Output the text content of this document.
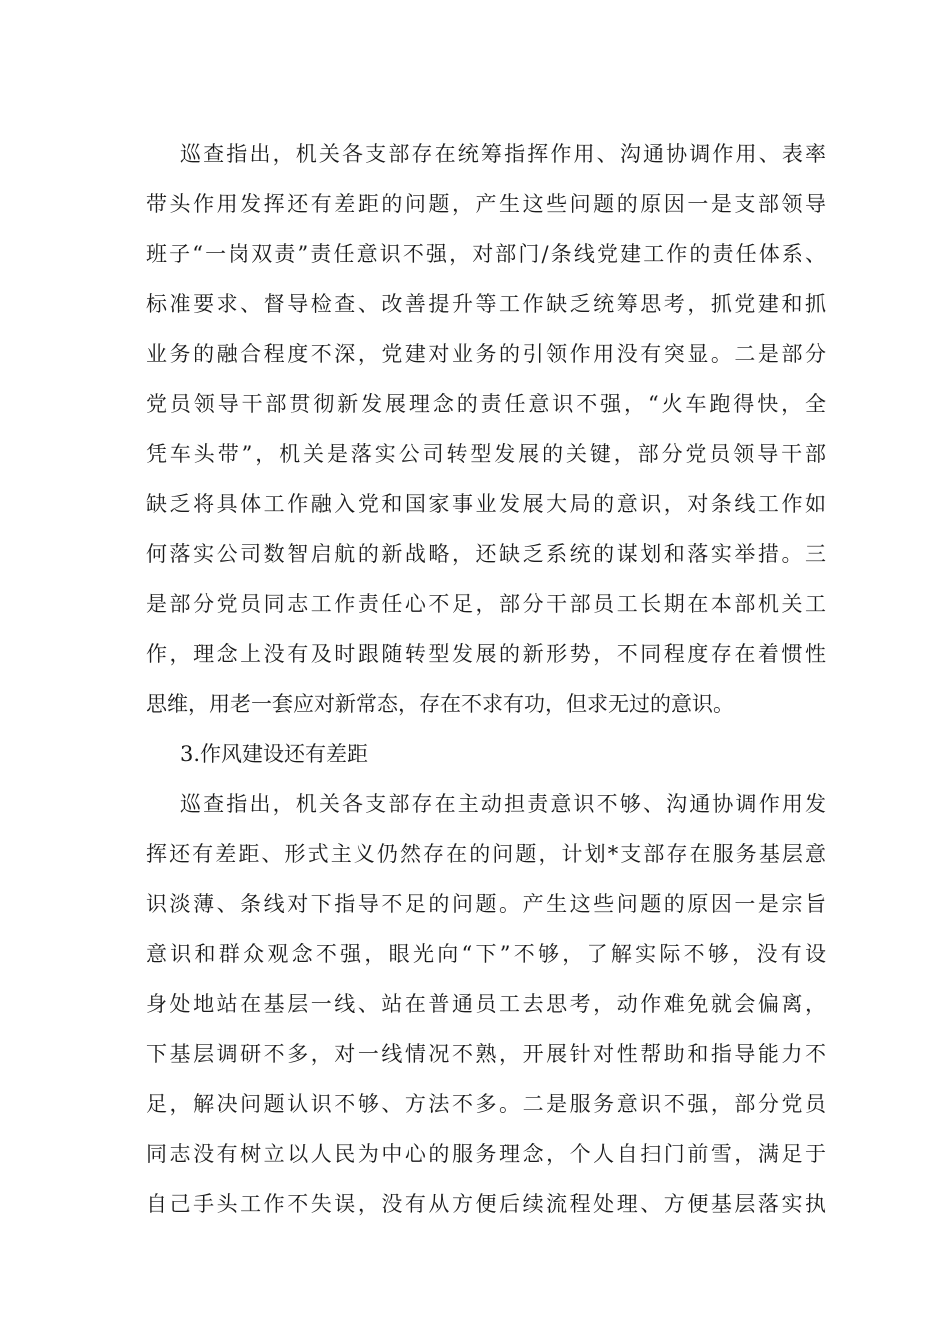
巡查指出，机关各支部存在统筹指挥作用、沟通协调作用、表率
带头作用发挥还有差距的问题，产生这些问题的原因一是支部领导
班子“一岗双责”责任意识不强，对部门/条线党建工作的责任体系、
标准要求、督导检查、改善提升等工作缺乏统筹思考，抓党建和抓
业务的融合程度不深，党建对业务的引领作用没有突显。二是部分
党员领导干部贯彻新发展理念的责任意识不强，“火车跑得快，全
凭车头带”，机关是落实公司转型发展的关键，部分党员领导干部
缺乏将具体工作融入党和国家事业发展大局的意识，对条线工作如
何落实公司数智启航的新战略，还缺乏系统的谋划和落实举措。三
是部分党员同志工作责任心不足，部分干部员工长期在本部机关工
作，理念上没有及时跟随转型发展的新形势，不同程度存在着惯性
思维，用老一套应对新常态，存在不求有功，但求无过的意识。
3.作风建设还有差距
巡查指出，机关各支部存在主动担责意识不够、沟通协调作用发
挥还有差距、形式主义仍然存在的问题，计划*支部存在服务基层意
识淡薄、条线对下指导不足的问题。产生这些问题的原因一是宗旨
意识和群众观念不强，眼光向“下”不够，了解实际不够，没有设
身处地站在基层一线、站在普通员工去思考，动作难免就会偏离，
下基层调研不多，对一线情况不熟，开展针对性帮助和指导能力不
足，解决问题认识不够、方法不多。二是服务意识不强，部分党员
同志没有树立以人民为中心的服务理念，个人自扫门前雪，满足于
自己手头工作不失误，没有从方便后续流程处理、方便基层落实执
